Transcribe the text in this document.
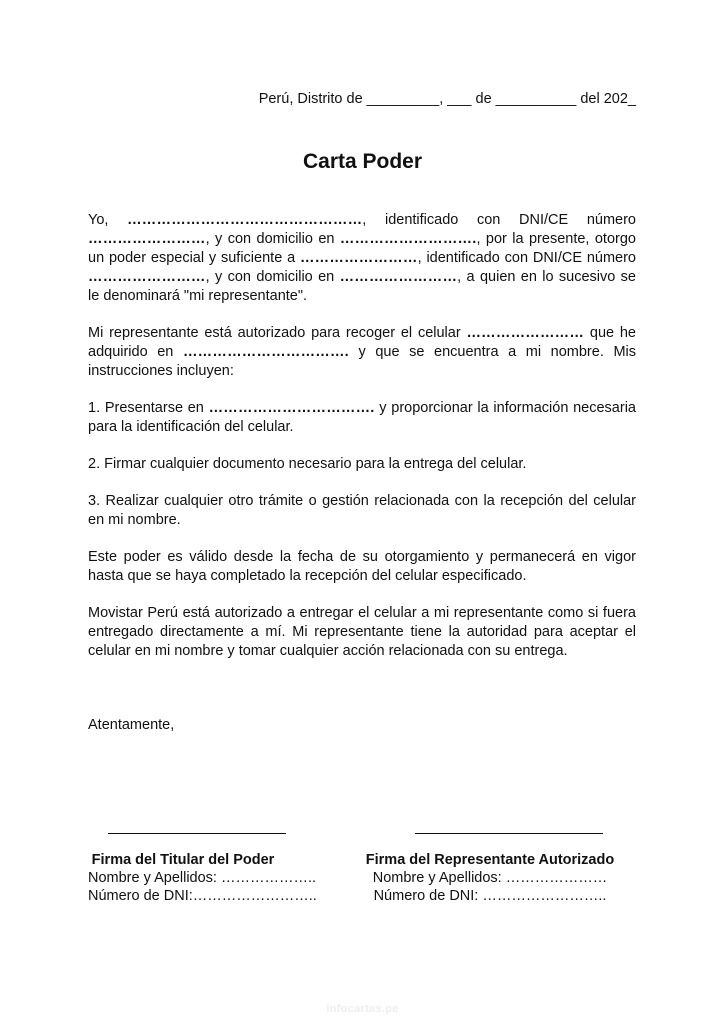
Perú, Distrito de _________, ___ de __________ del 202_
Carta Poder

Yo, …………………………………………, identificado con DNI/CE número ……………………, y con domicilio en ………………………., por la presente, otorgo un poder especial y suficiente a ……………………, identificado con DNI/CE número ……………………, y con domicilio en ……………………, a quien en lo sucesivo se le denominará "mi representante".

Mi representante está autorizado para recoger el celular …………………… que he adquirido en ……………………………. y que se encuentra a mi nombre. Mis instrucciones incluyen:

1. Presentarse en ……………………………. y proporcionar la información necesaria para la identificación del celular.

2. Firmar cualquier documento necesario para la entrega del celular.

3. Realizar cualquier otro trámite o gestión relacionada con la recepción del celular en mi nombre.

Este poder es válido desde la fecha de su otorgamiento y permanecerá en vigor hasta que se haya completado la recepción del celular especificado.

Movistar Perú está autorizado a entregar el celular a mi representante como si fuera entregado directamente a mí. Mi representante tiene la autoridad para aceptar el celular en mi nombre y tomar cualquier acción relacionada con su entrega.

Atentamente,
Firma del Titular del Poder
Nombre y Apellidos: ………………..
Número de DNI:……………………..
Firma del Representante Autorizado
Nombre y Apellidos: …………………
Número de DNI: ……………………..
infocartas.pe
